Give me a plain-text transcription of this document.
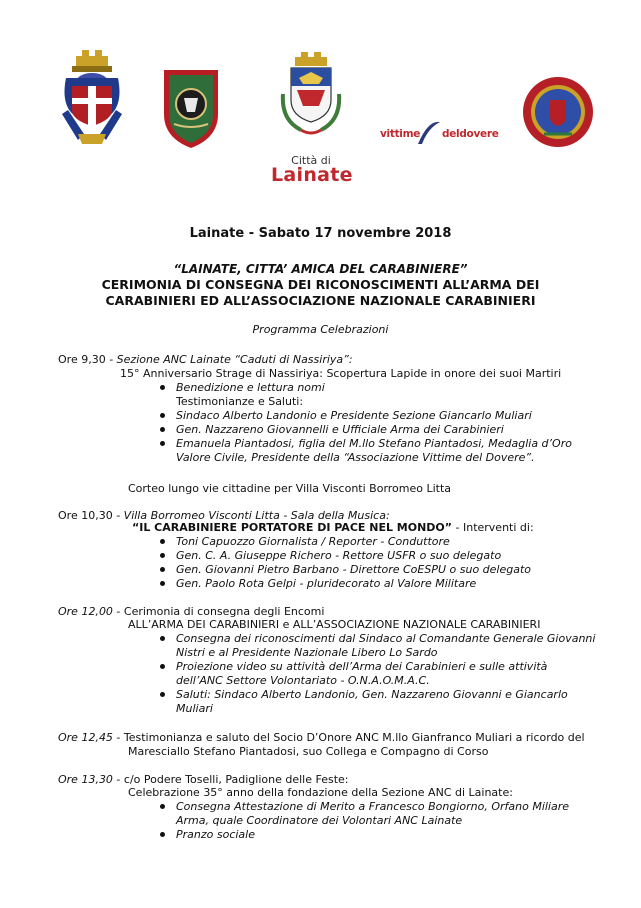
Città di
Lainate
vittime deldovere
Lainate - Sabato 17 novembre 2018
“LAINATE, CITTA’ AMICA DEL CARABINIERE”
CERIMONIA DI CONSEGNA DEI RICONOSCIMENTI ALL’ARMA DEI
CARABINIERI ED ALL’ASSOCIAZIONE NAZIONALE CARABINIERI
Programma Celebrazioni
Ore 9,30 - Sezione ANC Lainate “Caduti di Nassiriya”:
15° Anniversario Strage di Nassiriya: Scopertura Lapide in onore dei suoi Martiri
Benedizione e lettura nomi
Testimonianze e Saluti:
Sindaco Alberto Landonio e Presidente Sezione Giancarlo Muliari
Gen. Nazzareno Giovannelli e Ufficiale Arma dei Carabinieri
Emanuela Piantadosi, figlia del M.llo Stefano Piantadosi, Medaglia d’Oro
Valore Civile, Presidente della “Associazione Vittime del Dovere”.
Corteo lungo vie cittadine per Villa Visconti Borromeo Litta
Ore 10,30 - Villa Borromeo Visconti Litta - Sala della Musica:
“IL CARABINIERE PORTATORE DI PACE NEL MONDO” - Interventi di:
Toni Capuozzo Giornalista / Reporter - Conduttore
Gen. C. A. Giuseppe Richero - Rettore USFR o suo delegato
Gen. Giovanni Pietro Barbano - Direttore CoESPU o suo delegato
Gen. Paolo Rota Gelpi - pluridecorato al Valore Militare
Ore 12,00 - Cerimonia di consegna degli Encomi
ALL’ARMA DEI CARABINIERI e ALL’ASSOCIAZIONE NAZIONALE CARABINIERI
Consegna dei riconoscimenti dal Sindaco al Comandante Generale Giovanni
Nistri e al Presidente Nazionale Libero Lo Sardo
Proiezione video su attività dell’Arma dei Carabinieri e sulle attività
dell’ANC Settore Volontariato - O.N.A.O.M.A.C.
Saluti: Sindaco Alberto Landonio, Gen. Nazzareno Giovanni e Giancarlo
Muliari
Ore 12,45 - Testimonianza e saluto del Socio D’Onore ANC M.llo Gianfranco Muliari a ricordo del
Maresciallo Stefano Piantadosi, suo Collega e Compagno di Corso
Ore 13,30 - c/o Podere Toselli, Padiglione delle Feste:
Celebrazione 35° anno della fondazione della Sezione ANC di Lainate:
Consegna Attestazione di Merito a Francesco Bongiorno, Orfano Miliare
Arma, quale Coordinatore dei Volontari ANC Lainate
Pranzo sociale
